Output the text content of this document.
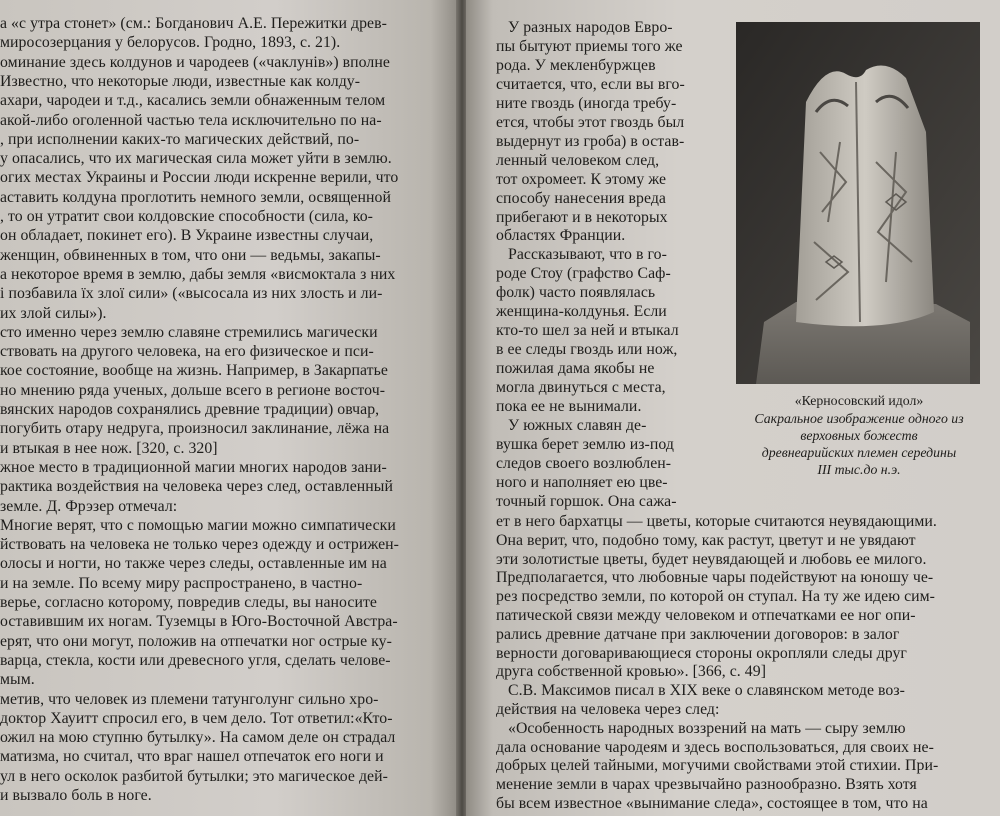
а «с утра стонет» (см.: Богданович А.Е. Пережитки древ-
миросозерцания у белорусов. Гродно, 1893, с. 21).
оминание здесь колдунов и чародеев («чаклунів») вполне
Известно, что некоторые люди, известные как колду-
ахари, чародеи и т.д., касались земли обнаженным телом
акой-либо оголенной частью тела исключительно по на-
, при исполнении каких-то магических действий, по-
у опасались, что их магическая сила может уйти в землю.
огих местах Украины и России люди искренне верили, что
аставить колдуна проглотить немного земли, освященной
, то он утратит свои колдовские способности (сила, ко-
он обладает, покинет его). В Украине известны случаи,
женщин, обвиненных в том, что они — ведьмы, закапы-
а некоторое время в землю, дабы земля «висмоктала з них
і позбавила їх злої сили» («высосала из них злость и ли-
их злой силы»).
сто именно через землю славяне стремились магически
ствовать на другого человека, на его физическое и пси-
кое состояние, вообще на жизнь. Например, в Закарпатье
но мнению ряда ученых, дольше всего в регионе восточ-
вянских народов сохранялись древние традиции) овчар,
погубить отару недруга, произносил заклинание, лёжа на
и втыкая в нее нож. [320, с. 320]
жное место в традиционной магии многих народов зани-
рактика воздействия на человека через след, оставленный
земле. Д. Фрэзер отмечал:
Многие верят, что с помощью магии можно симпатически
йствовать на человека не только через одежду и острижен-
олосы и ногти, но также через следы, оставленные им на
и на земле. По всему миру распространено, в частно-
верье, согласно которому, повредив следы, вы наносите
оставившим их ногам. Туземцы в Юго-Восточной Австра-
ерят, что они могут, положив на отпечатки ног острые ку-
варца, стекла, кости или древесного угля, сделать челове-
мым.
метив, что человек из племени татунголунг сильно хро-
доктор Хауитт спросил его, в чем дело. Тот ответил:«Кто-
ожил на мою ступню бутылку». На самом деле он страдал
матизма, но считал, что враг нашел отпечаток его ноги и
ул в него осколок разбитой бутылки; это магическое дей-
и вызвало боль в ноге.
«Керносовский идол»
У разных народов Евро-
пы бытуют приемы того же
рода. У мекленбуржцев
считается, что, если вы вго-
ните гвоздь (иногда требу-
ется, чтобы этот гвоздь был
выдернут из гроба) в остав-
ленный человеком след,
тот охромеет. К этому же
способу нанесения вреда
прибегают и в некоторых
областях Франции.
Рассказывают, что в го-
роде Стоу (графство Саф-
фолк) часто появлялась
женщина-колдунья. Если
кто-то шел за ней и втыкал
в ее следы гвоздь или нож,
пожилая дама якобы не
могла двинуться с места,
пока ее не вынимали.
У южных славян де-
вушка берет землю из-под
следов своего возлюблен-
ного и наполняет ею цве-
точный горшок. Она сажа-
ет в него бархатцы — цветы, которые считаются неувядающими.
Она верит, что, подобно тому, как растут, цветут и не увядают
эти золотистые цветы, будет неувядающей и любовь ее милого.
Предполагается, что любовные чары подействуют на юношу че-
рез посредство земли, по которой он ступал. На ту же идею сим-
патической связи между человеком и отпечатками ее ног опи-
рались древние датчане при заключении договоров: в залог
верности договаривающиеся стороны окропляли следы друг
друга собственной кровью». [366, с. 49]
С.В. Максимов писал в XIX веке о славянском методе воз-
действия на человека через след:
«Особенность народных воззрений на мать — сыру землю
дала основание чародеям и здесь воспользоваться, для своих не-
добрых целей тайными, могучими свойствами этой стихии. При-
менение земли в чарах чрезвычайно разнообразно. Взять хотя
бы всем известное «вынимание следа», состоящее в том, что на
Сакральное изображение одного из
верховных божеств
древнеарийских племен середины
III тыс.до н.э.
